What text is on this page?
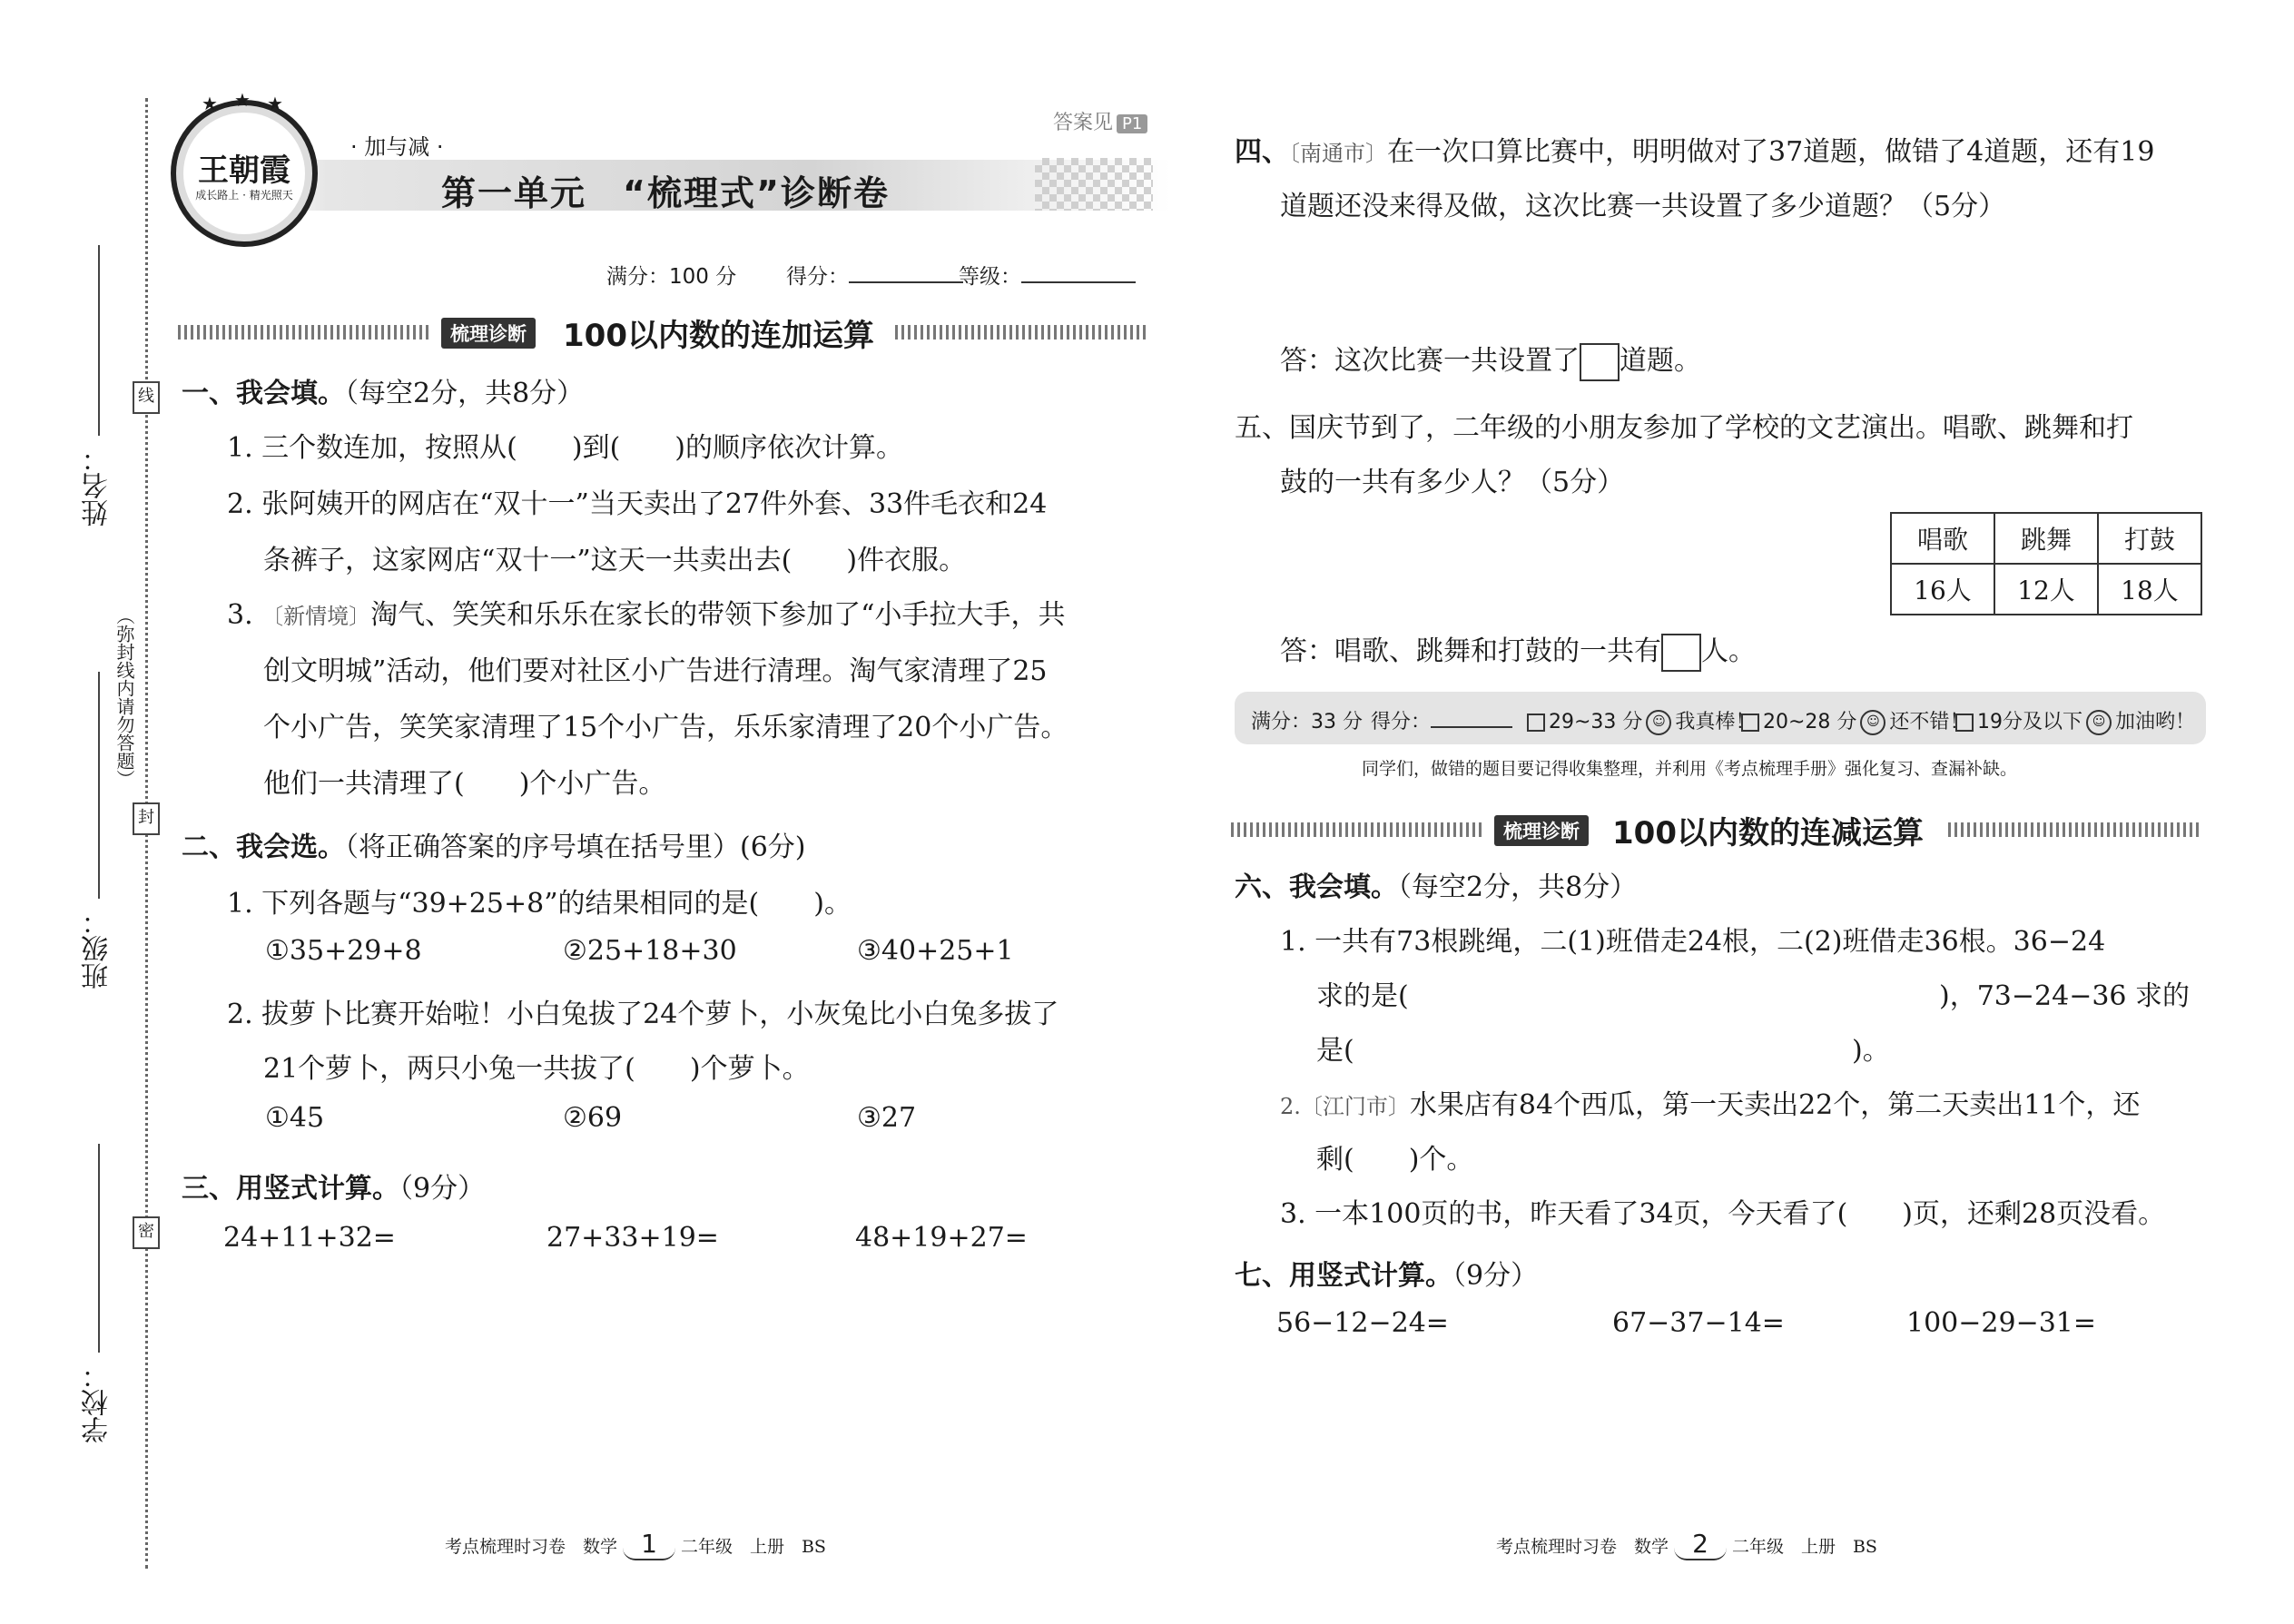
姓名：
班级：
学校：
线
封
密
（弥封线内请勿答题）
★ ★ ★
王朝霞
成长路上 · 精光照天
· 加与减 ·
第一单元　“梳理式”诊断卷
答案见 P1
满分：100 分 得分：	等级：
梳理诊断 100以内数的连加运算
一、我会填。（每空2分，共8分）
1. 三个数连加，按照从(　　)到(　　)的顺序依次计算。
2. 张阿姨开的网店在“双十一”当天卖出了27件外套、33件毛衣和24
条裤子，这家网店“双十一”这天一共卖出去(　　)件衣服。
3. 〔新情境〕淘气、笑笑和乐乐在家长的带领下参加了“小手拉大手，共
创文明城”活动，他们要对社区小广告进行清理。淘气家清理了25
个小广告，笑笑家清理了15个小广告，乐乐家清理了20个小广告。
他们一共清理了(　　)个小广告。
二、我会选。（将正确答案的序号填在括号里）(6分)
1. 下列各题与“39+25+8”的结果相同的是(　　)。
①35+29+8	②25+18+30	③40+25+1
2. 拔萝卜比赛开始啦！小白兔拔了24个萝卜，小灰兔比小白兔多拔了
21个萝卜，两只小兔一共拔了(　　)个萝卜。
①45	②69	③27
三、用竖式计算。（9分）
24+11+32=	27+33+19=	48+19+27=
四、〔南通市〕在一次口算比赛中，明明做对了37道题，做错了4道题，还有19
道题还没来得及做，这次比赛一共设置了多少道题？（5分）
答：这次比赛一共设置了 道题。
五、国庆节到了，二年级的小朋友参加了学校的文艺演出。唱歌、跳舞和打
鼓的一共有多少人？（5分）
唱歌	跳舞	打鼓
16人	12人	18人
答：唱歌、跳舞和打鼓的一共有 人。
满分：33 分 得分：	29~33 分 ☺ 我真棒！ 20~28 分 ☺ 还不错！ 19分及以下 ☺ 加油哟！
同学们，做错的题目要记得收集整理，并利用《考点梳理手册》强化复习、查漏补缺。
梳理诊断 100以内数的连减运算
六、我会填。（每空2分，共8分）
1. 一共有73根跳绳，二(1)班借走24根，二(2)班借走36根。36−24
求的是(	)，73−24−36 求的
是(	)。
2.〔江门市〕水果店有84个西瓜，第一天卖出22个，第二天卖出11个，还
剩(　　)个。
3. 一本100页的书，昨天看了34页，今天看了(　　)页，还剩28页没看。
七、用竖式计算。（9分）
56−12−24=	67−37−14=	100−29−31=
考点梳理时习卷　数学 1 二年级　上册　BS	考点梳理时习卷　数学 2 二年级　上册　BS
